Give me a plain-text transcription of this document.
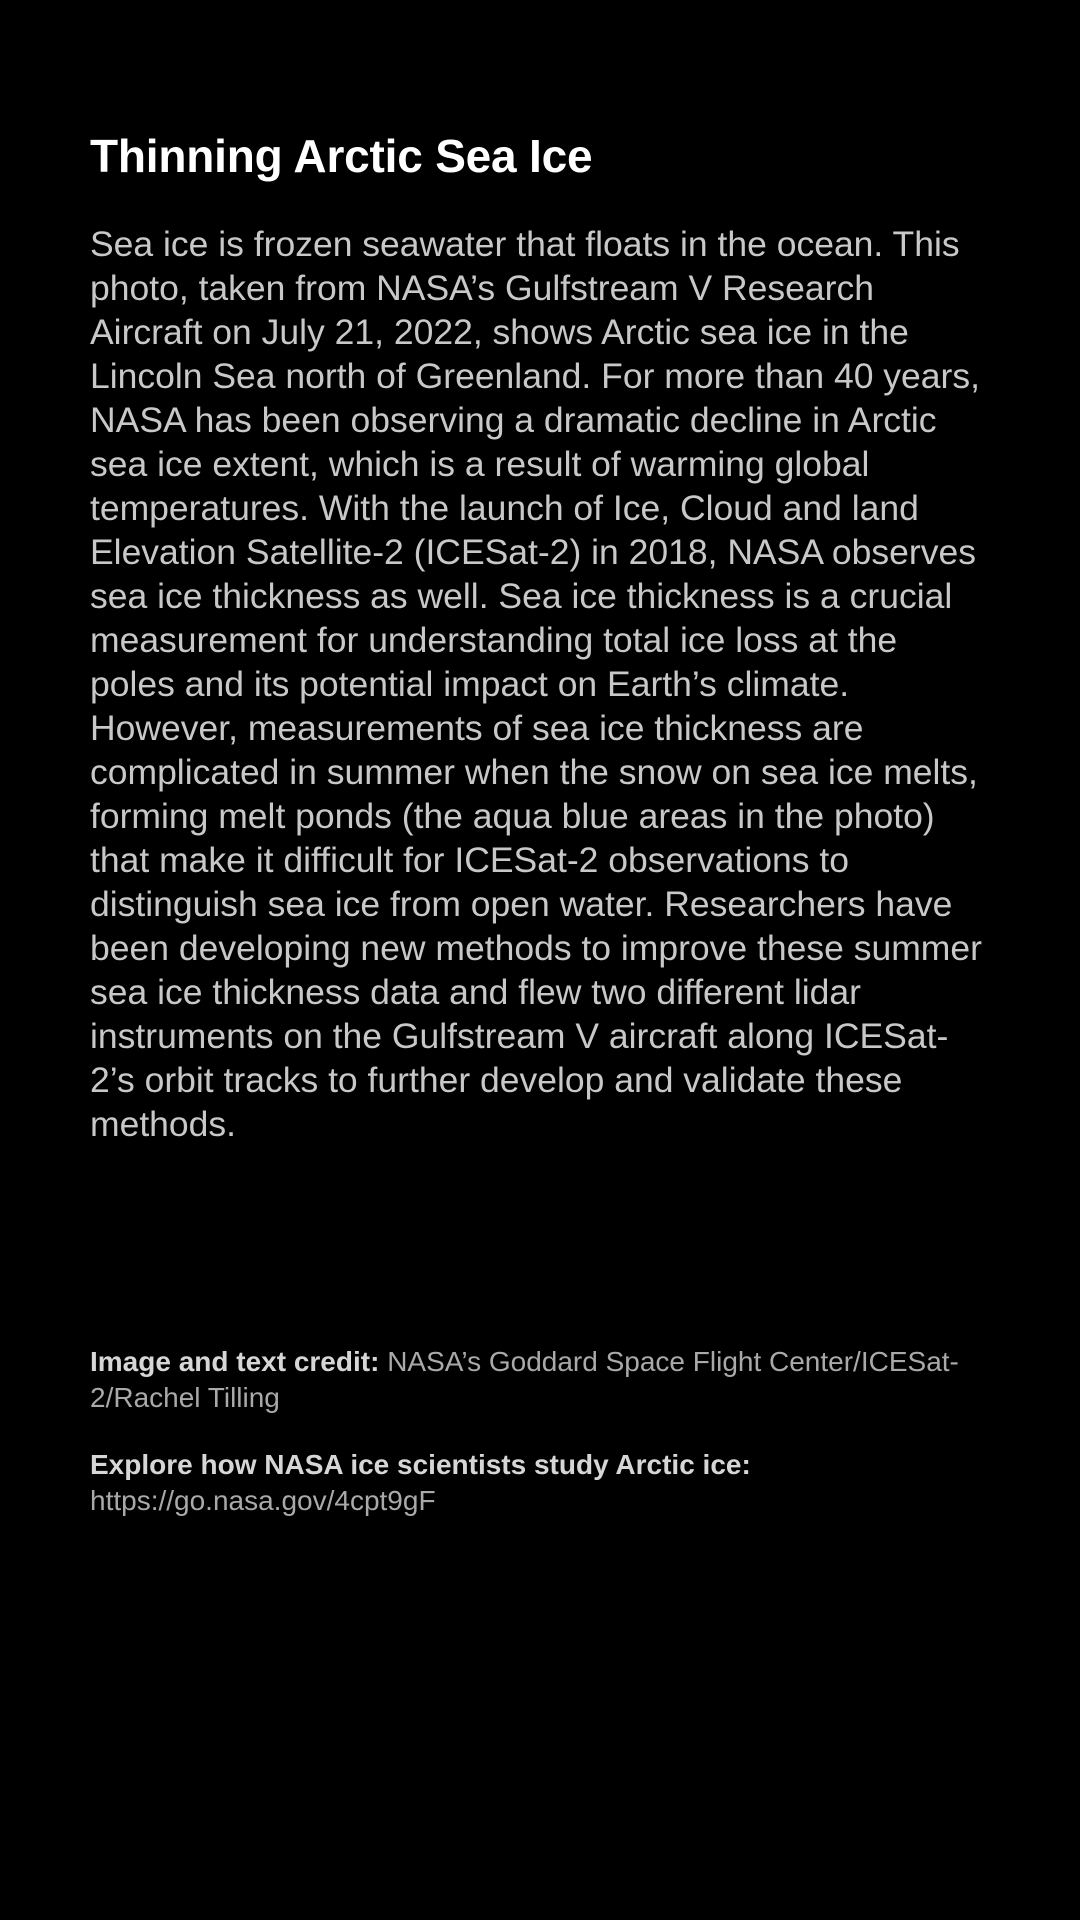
Thinning Arctic Sea Ice

Sea ice is frozen seawater that floats in the ocean. This photo, taken from NASA’s Gulfstream V Research Aircraft on July 21, 2022, shows Arctic sea ice in the Lincoln Sea north of Greenland. For more than 40 years, NASA has been observing a dramatic decline in Arctic sea ice extent, which is a result of warming global temperatures. With the launch of Ice, Cloud and land Elevation Satellite-2 (ICESat-2) in 2018, NASA observes sea ice thickness as well. Sea ice thickness is a crucial measurement for understanding total ice loss at the poles and its potential impact on Earth’s climate. However, measurements of sea ice thickness are complicated in summer when the snow on sea ice melts, forming melt ponds (the aqua blue areas in the photo) that make it difficult for ICESat-2 observations to distinguish sea ice from open water. Researchers have been developing new methods to improve these summer sea ice thickness data and flew two different lidar instruments on the Gulfstream V aircraft along ICESat-2’s orbit tracks to further develop and validate these methods.

Image and text credit: NASA’s Goddard Space Flight Center/ICESat-2/Rachel Tilling

Explore how NASA ice scientists study Arctic ice:
https://go.nasa.gov/4cpt9gF
